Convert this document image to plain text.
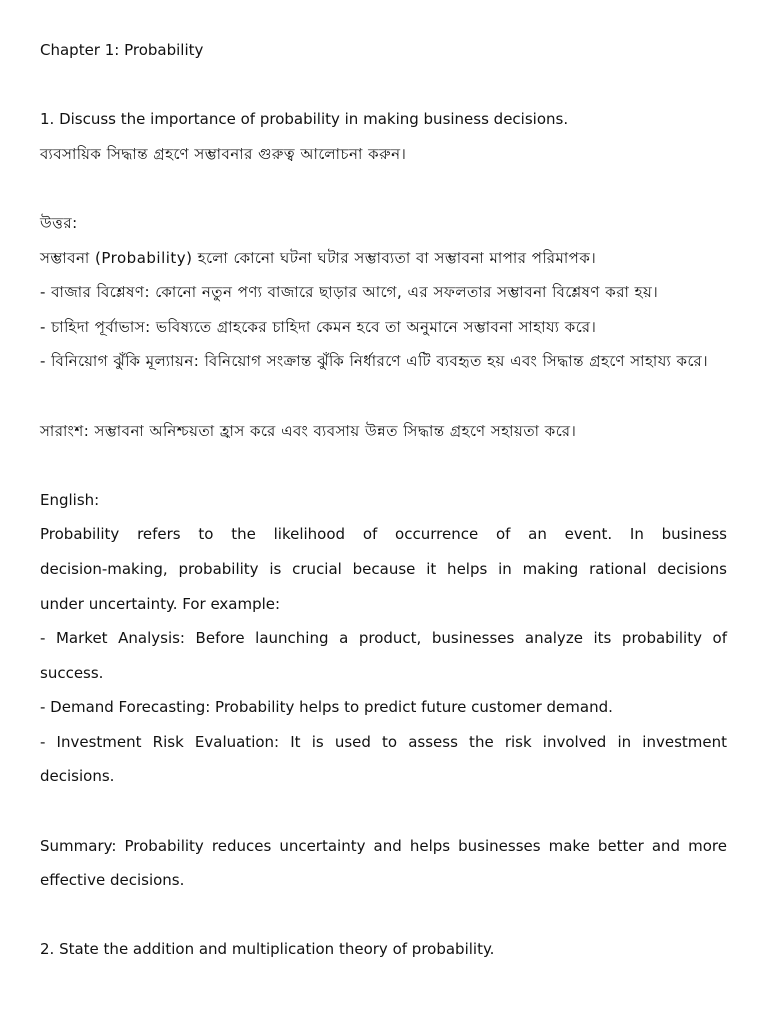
Chapter 1: Probability
1. Discuss the importance of probability in making business decisions.
ব্যবসায়িক সিদ্ধান্ত গ্রহণে সম্ভাবনার গুরুত্ব আলোচনা করুন।
উত্তর:
সম্ভাবনা (Probability) হলো কোনো ঘটনা ঘটার সম্ভাব্যতা বা সম্ভাবনা মাপার পরিমাপক।
- বাজার বিশ্লেষণ: কোনো নতুন পণ্য বাজারে ছাড়ার আগে, এর সফলতার সম্ভাবনা বিশ্লেষণ করা হয়।
- চাহিদা পূর্বাভাস: ভবিষ্যতে গ্রাহকের চাহিদা কেমন হবে তা অনুমানে সম্ভাবনা সাহায্য করে।
- বিনিয়োগ ঝুঁকি মূল্যায়ন: বিনিয়োগ সংক্রান্ত ঝুঁকি নির্ধারণে এটি ব্যবহৃত হয় এবং সিদ্ধান্ত গ্রহণে সাহায্য করে।
সারাংশ: সম্ভাবনা অনিশ্চয়তা হ্রাস করে এবং ব্যবসায় উন্নত সিদ্ধান্ত গ্রহণে সহায়তা করে।
English:
Probability refers to the likelihood of occurrence of an event. In business
decision-making, probability is crucial because it helps in making rational decisions
under uncertainty. For example:
- Market Analysis: Before launching a product, businesses analyze its probability of
success.
- Demand Forecasting: Probability helps to predict future customer demand.
- Investment Risk Evaluation: It is used to assess the risk involved in investment
decisions.
Summary: Probability reduces uncertainty and helps businesses make better and more
effective decisions.
2. State the addition and multiplication theory of probability.
